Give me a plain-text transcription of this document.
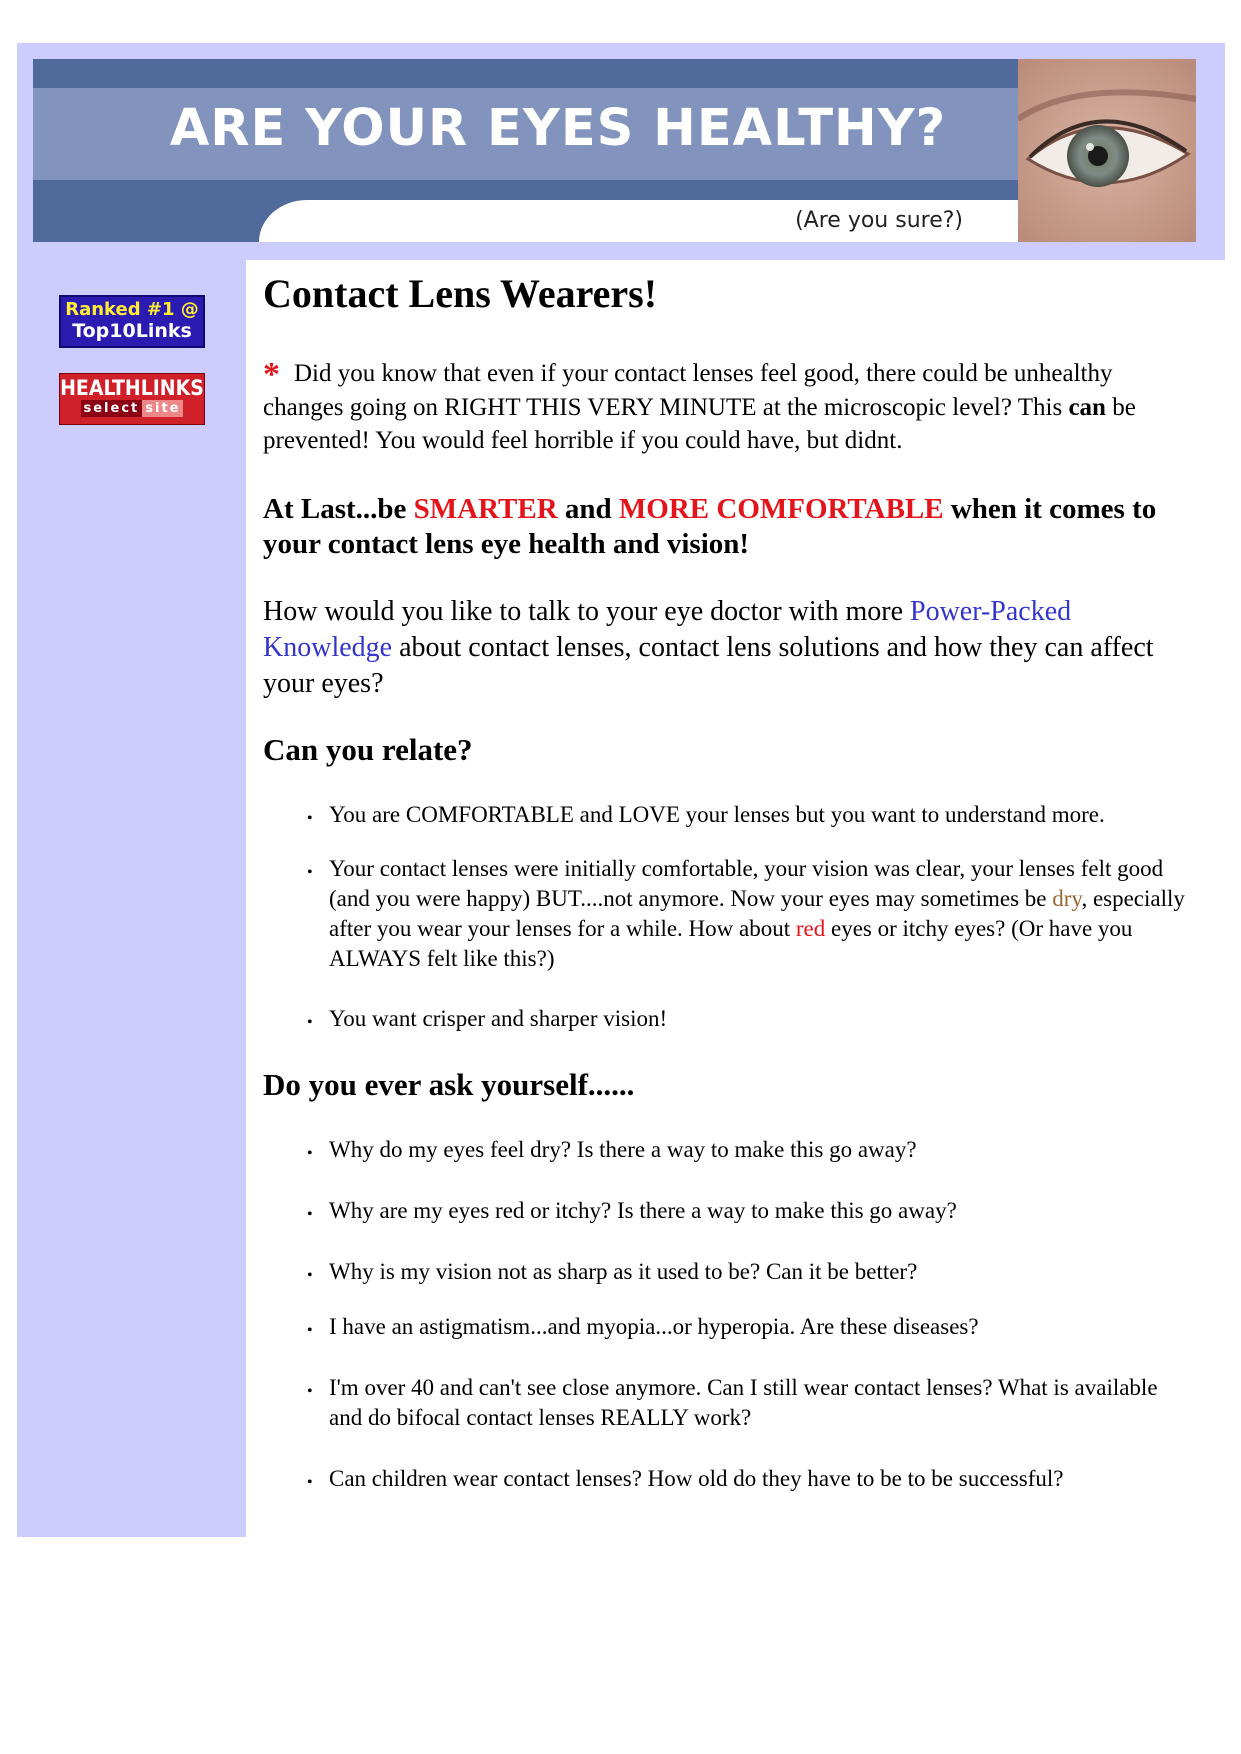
ARE YOUR EYES HEALTHY?
(Are you sure?)
Ranked #1 @
Top10Links
HEALTHLINKS
select site
Contact Lens Wearers!

* Did you know that even if your contact lenses feel good, there could be unhealthy changes going on RIGHT THIS VERY MINUTE at the microscopic level? This can be prevented! You would feel horrible if you could have, but didnt.

At Last...be SMARTER and MORE COMFORTABLE when it comes to your contact lens eye health and vision!

How would you like to talk to your eye doctor with more Power-Packed Knowledge about contact lenses, contact lens solutions and how they can affect your eyes?

Can you relate?

• You are COMFORTABLE and LOVE your lenses but you want to understand more.

• Your contact lenses were initially comfortable, your vision was clear, your lenses felt good (and you were happy) BUT....not anymore. Now your eyes may sometimes be dry, especially after you wear your lenses for a while. How about red eyes or itchy eyes? (Or have you ALWAYS felt like this?)

• You want crisper and sharper vision!

Do you ever ask yourself......

• Why do my eyes feel dry? Is there a way to make this go away?

• Why are my eyes red or itchy? Is there a way to make this go away?

• Why is my vision not as sharp as it used to be? Can it be better?

• I have an astigmatism...and myopia...or hyperopia. Are these diseases?

• I'm over 40 and can't see close anymore. Can I still wear contact lenses? What is available and do bifocal contact lenses REALLY work?

• Can children wear contact lenses? How old do they have to be to be successful?
